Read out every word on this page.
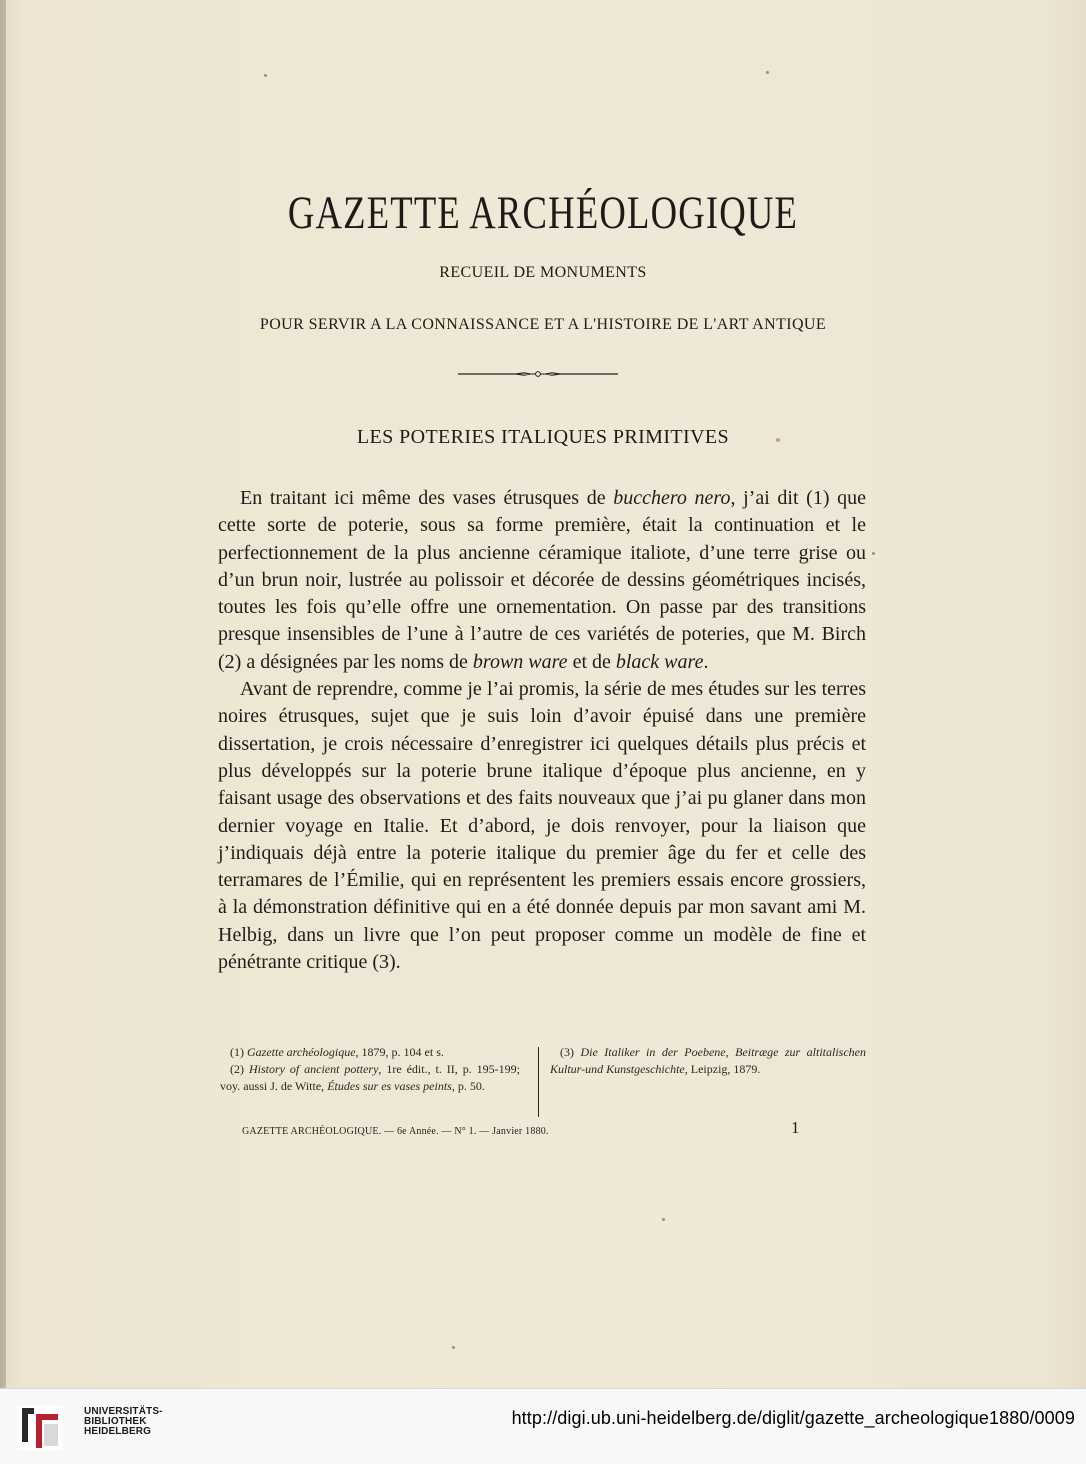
GAZETTE ARCHÉOLOGIQUE
RECUEIL DE MONUMENTS
POUR SERVIR A LA CONNAISSANCE ET A L'HISTOIRE DE L'ART ANTIQUE
LES POTERIES ITALIQUES PRIMITIVES

En traitant ici même des vases étrusques de bucchero nero, j’ai dit (1) que cette sorte de poterie, sous sa forme première, était la continuation et le perfectionnement de la plus ancienne céramique italiote, d’une terre grise ou d’un brun noir, lustrée au polissoir et décorée de dessins géométriques incisés, toutes les fois qu’elle offre une ornementation. On passe par des transitions presque insensibles de l’une à l’autre de ces variétés de poteries, que M. Birch (2) a désignées par les noms de brown ware et de black ware.

Avant de reprendre, comme je l’ai promis, la série de mes études sur les terres noires étrusques, sujet que je suis loin d’avoir épuisé dans une première dissertation, je crois nécessaire d’enregistrer ici quelques détails plus précis et plus développés sur la poterie brune italique d’époque plus ancienne, en y faisant usage des observations et des faits nouveaux que j’ai pu glaner dans mon dernier voyage en Italie. Et d’abord, je dois renvoyer, pour la liaison que j’indiquais déjà entre la poterie italique du premier âge du fer et celle des terramares de l’Émilie, qui en représentent les premiers essais encore grossiers, à la démonstration définitive qui en a été donnée depuis par mon savant ami M. Helbig, dans un livre que l’on peut proposer comme un modèle de fine et pénétrante critique (3).

(1) Gazette archéologique, 1879, p. 104 et s.

(2) History of ancient pottery, 1re édit., t. II, p. 195-199; voy. aussi J. de Witte, Études sur es vases peints, p. 50.

(3) Die Italiker in der Poebene, Beitræge zur altitalischen Kultur-und Kunstgeschichte, Leipzig, 1879.

GAZETTE ARCHÉOLOGIQUE. — 6e Année. — N° 1. — Janvier 1880.	1
UNIVERSITÄTS-
BIBLIOTHEK
HEIDELBERG
http://digi.ub.uni-heidelberg.de/diglit/gazette_archeologique1880/0009
